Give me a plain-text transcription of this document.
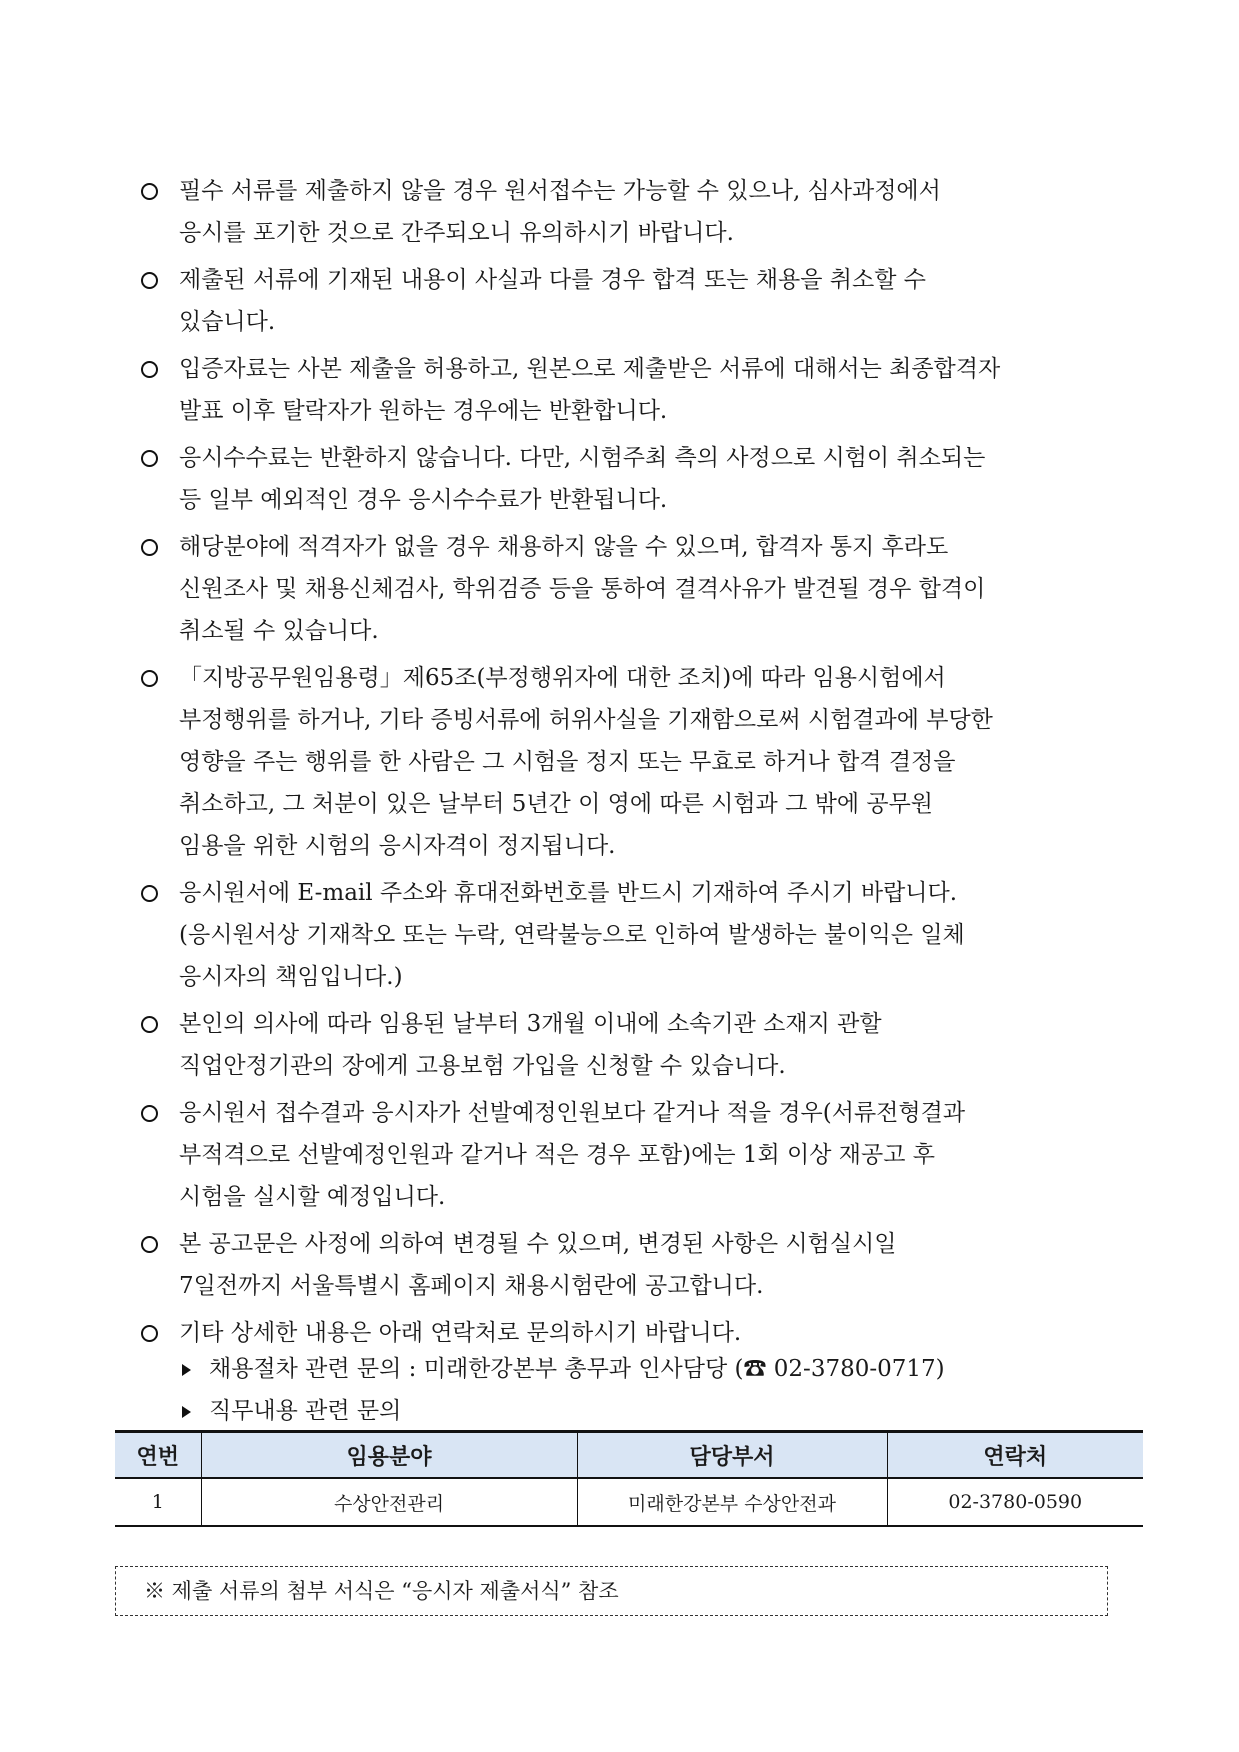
필수 서류를 제출하지 않을 경우 원서접수는 가능할 수 있으나, 심사과정에서
응시를 포기한 것으로 간주되오니 유의하시기 바랍니다.
제출된 서류에 기재된 내용이 사실과 다를 경우 합격 또는 채용을 취소할 수
있습니다.
입증자료는 사본 제출을 허용하고, 원본으로 제출받은 서류에 대해서는 최종합격자
발표 이후 탈락자가 원하는 경우에는 반환합니다.
응시수수료는 반환하지 않습니다. 다만, 시험주최 측의 사정으로 시험이 취소되는
등 일부 예외적인 경우 응시수수료가 반환됩니다.
해당분야에 적격자가 없을 경우 채용하지 않을 수 있으며, 합격자 통지 후라도
신원조사 및 채용신체검사, 학위검증 등을 통하여 결격사유가 발견될 경우 합격이
취소될 수 있습니다.
「지방공무원임용령」제65조(부정행위자에 대한 조치)에 따라 임용시험에서
부정행위를 하거나, 기타 증빙서류에 허위사실을 기재함으로써 시험결과에 부당한
영향을 주는 행위를 한 사람은 그 시험을 정지 또는 무효로 하거나 합격 결정을
취소하고, 그 처분이 있은 날부터 5년간 이 영에 따른 시험과 그 밖에 공무원
임용을 위한 시험의 응시자격이 정지됩니다.
응시원서에 E-mail 주소와 휴대전화번호를 반드시 기재하여 주시기 바랍니다.
(응시원서상 기재착오 또는 누락, 연락불능으로 인하여 발생하는 불이익은 일체
응시자의 책임입니다.)
본인의 의사에 따라 임용된 날부터 3개월 이내에 소속기관 소재지 관할
직업안정기관의 장에게 고용보험 가입을 신청할 수 있습니다.
응시원서 접수결과 응시자가 선발예정인원보다 같거나 적을 경우(서류전형결과
부적격으로 선발예정인원과 같거나 적은 경우 포함)에는 1회 이상 재공고 후
시험을 실시할 예정입니다.
본 공고문은 사정에 의하여 변경될 수 있으며, 변경된 사항은 시험실시일
7일전까지 서울특별시 홈페이지 채용시험란에 공고합니다.
기타 상세한 내용은 아래 연락처로 문의하시기 바랍니다.
채용절차 관련 문의 : 미래한강본부 총무과 인사담당 (☎ 02-3780-0717)
직무내용 관련 문의
연번	임용분야	담당부서	연락처
1	수상안전관리	미래한강본부 수상안전과	02-3780-0590
※ 제출 서류의 첨부 서식은 “응시자 제출서식” 참조
